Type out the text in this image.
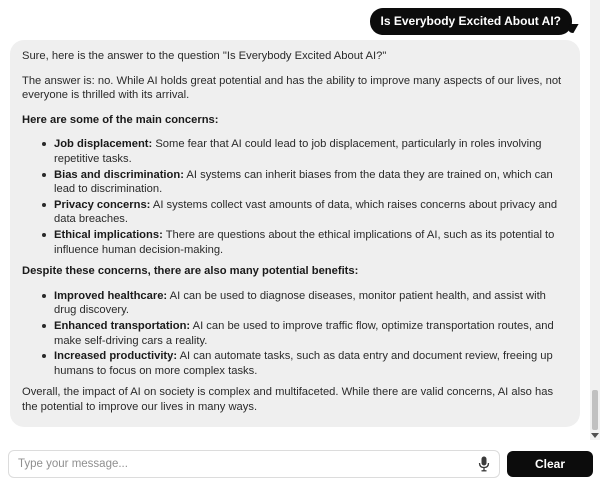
Is Everybody Excited About AI?

Sure, here is the answer to the question "Is Everybody Excited About AI?"

The answer is: no. While AI holds great potential and has the ability to improve many aspects of our lives, not everyone is thrilled with its arrival.

Here are some of the main concerns:

Job displacement: Some fear that AI could lead to job displacement, particularly in roles involving repetitive tasks.
Bias and discrimination: AI systems can inherit biases from the data they are trained on, which can lead to discrimination.
Privacy concerns: AI systems collect vast amounts of data, which raises concerns about privacy and data breaches.
Ethical implications: There are questions about the ethical implications of AI, such as its potential to influence human decision-making.

Despite these concerns, there are also many potential benefits:

Improved healthcare: AI can be used to diagnose diseases, monitor patient health, and assist with drug discovery.
Enhanced transportation: AI can be used to improve traffic flow, optimize transportation routes, and make self-driving cars a reality.
Increased productivity: AI can automate tasks, such as data entry and document review, freeing up humans to focus on more complex tasks.

Overall, the impact of AI on society is complex and multifaceted. While there are valid concerns, AI also has the potential to improve our lives in many ways.

Type your message...
Clear
